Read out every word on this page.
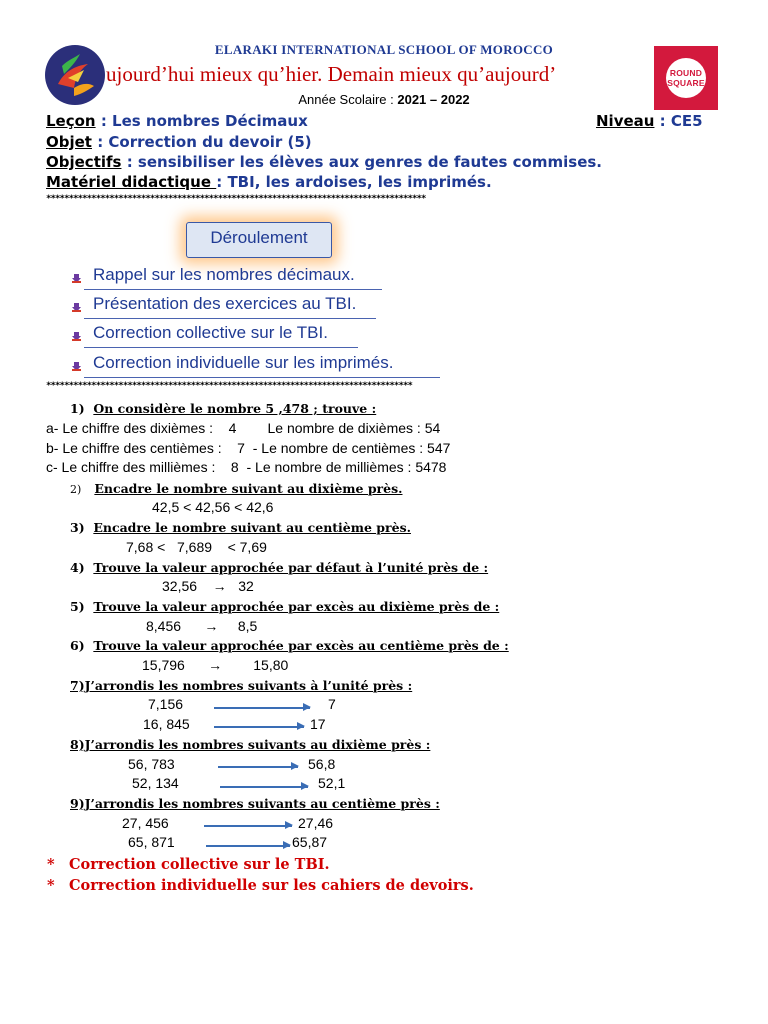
ELARAKI INTERNATIONAL SCHOOL OF MOROCCO
ujourd’hui mieux qu’hier. Demain mieux qu’aujourd’
Année Scolaire : 2021 – 2022
ROUND
SQUARE
Leçon : Les nombres Décimaux	Niveau : CE5
Objet : Correction du devoir (5)
Objectifs : sensibiliser les élèves aux genres de fautes commises.
Matériel didactique : TBI, les ardoises, les imprimés.
************************************************************************************
Déroulement
Rappel sur les nombres décimaux.
Présentation des exercices au TBI.
Correction collective sur le TBI.
Correction individuelle sur les imprimés.
*********************************************************************************
1) On considère le nombre 5 ,478 ; trouve :
a- Le chiffre des dixièmes :    4        Le nombre de dixièmes : 54
b- Le chiffre des centièmes :    7  - Le nombre de centièmes : 547
c- Le chiffre des millièmes :    8  - Le nombre de millièmes : 5478
2) Encadre le nombre suivant au dixième près.
42,5 < 42,56 < 42,6
3) Encadre le nombre suivant au centième près.
7,68 <   7,689    < 7,69
4) Trouve la valeur approchée par défaut à l’unité près de :
32,56    →   32
5) Trouve la valeur approchée par excès au dixième près de :
8,456      →     8,5
6) Trouve la valeur approchée par excès au centième près de :
15,796      →        15,80
7)J’arrondis les nombres suivants à l’unité près :
7,156	7
16, 845	17
8)J’arrondis les nombres suivants au dixième près :
56, 783	56,8
52, 134	52,1
9)J’arrondis les nombres suivants au centième près :
27, 456	27,46
65, 871	65,87
* Correction collective sur le TBI.
* Correction individuelle sur les cahiers de devoirs.
